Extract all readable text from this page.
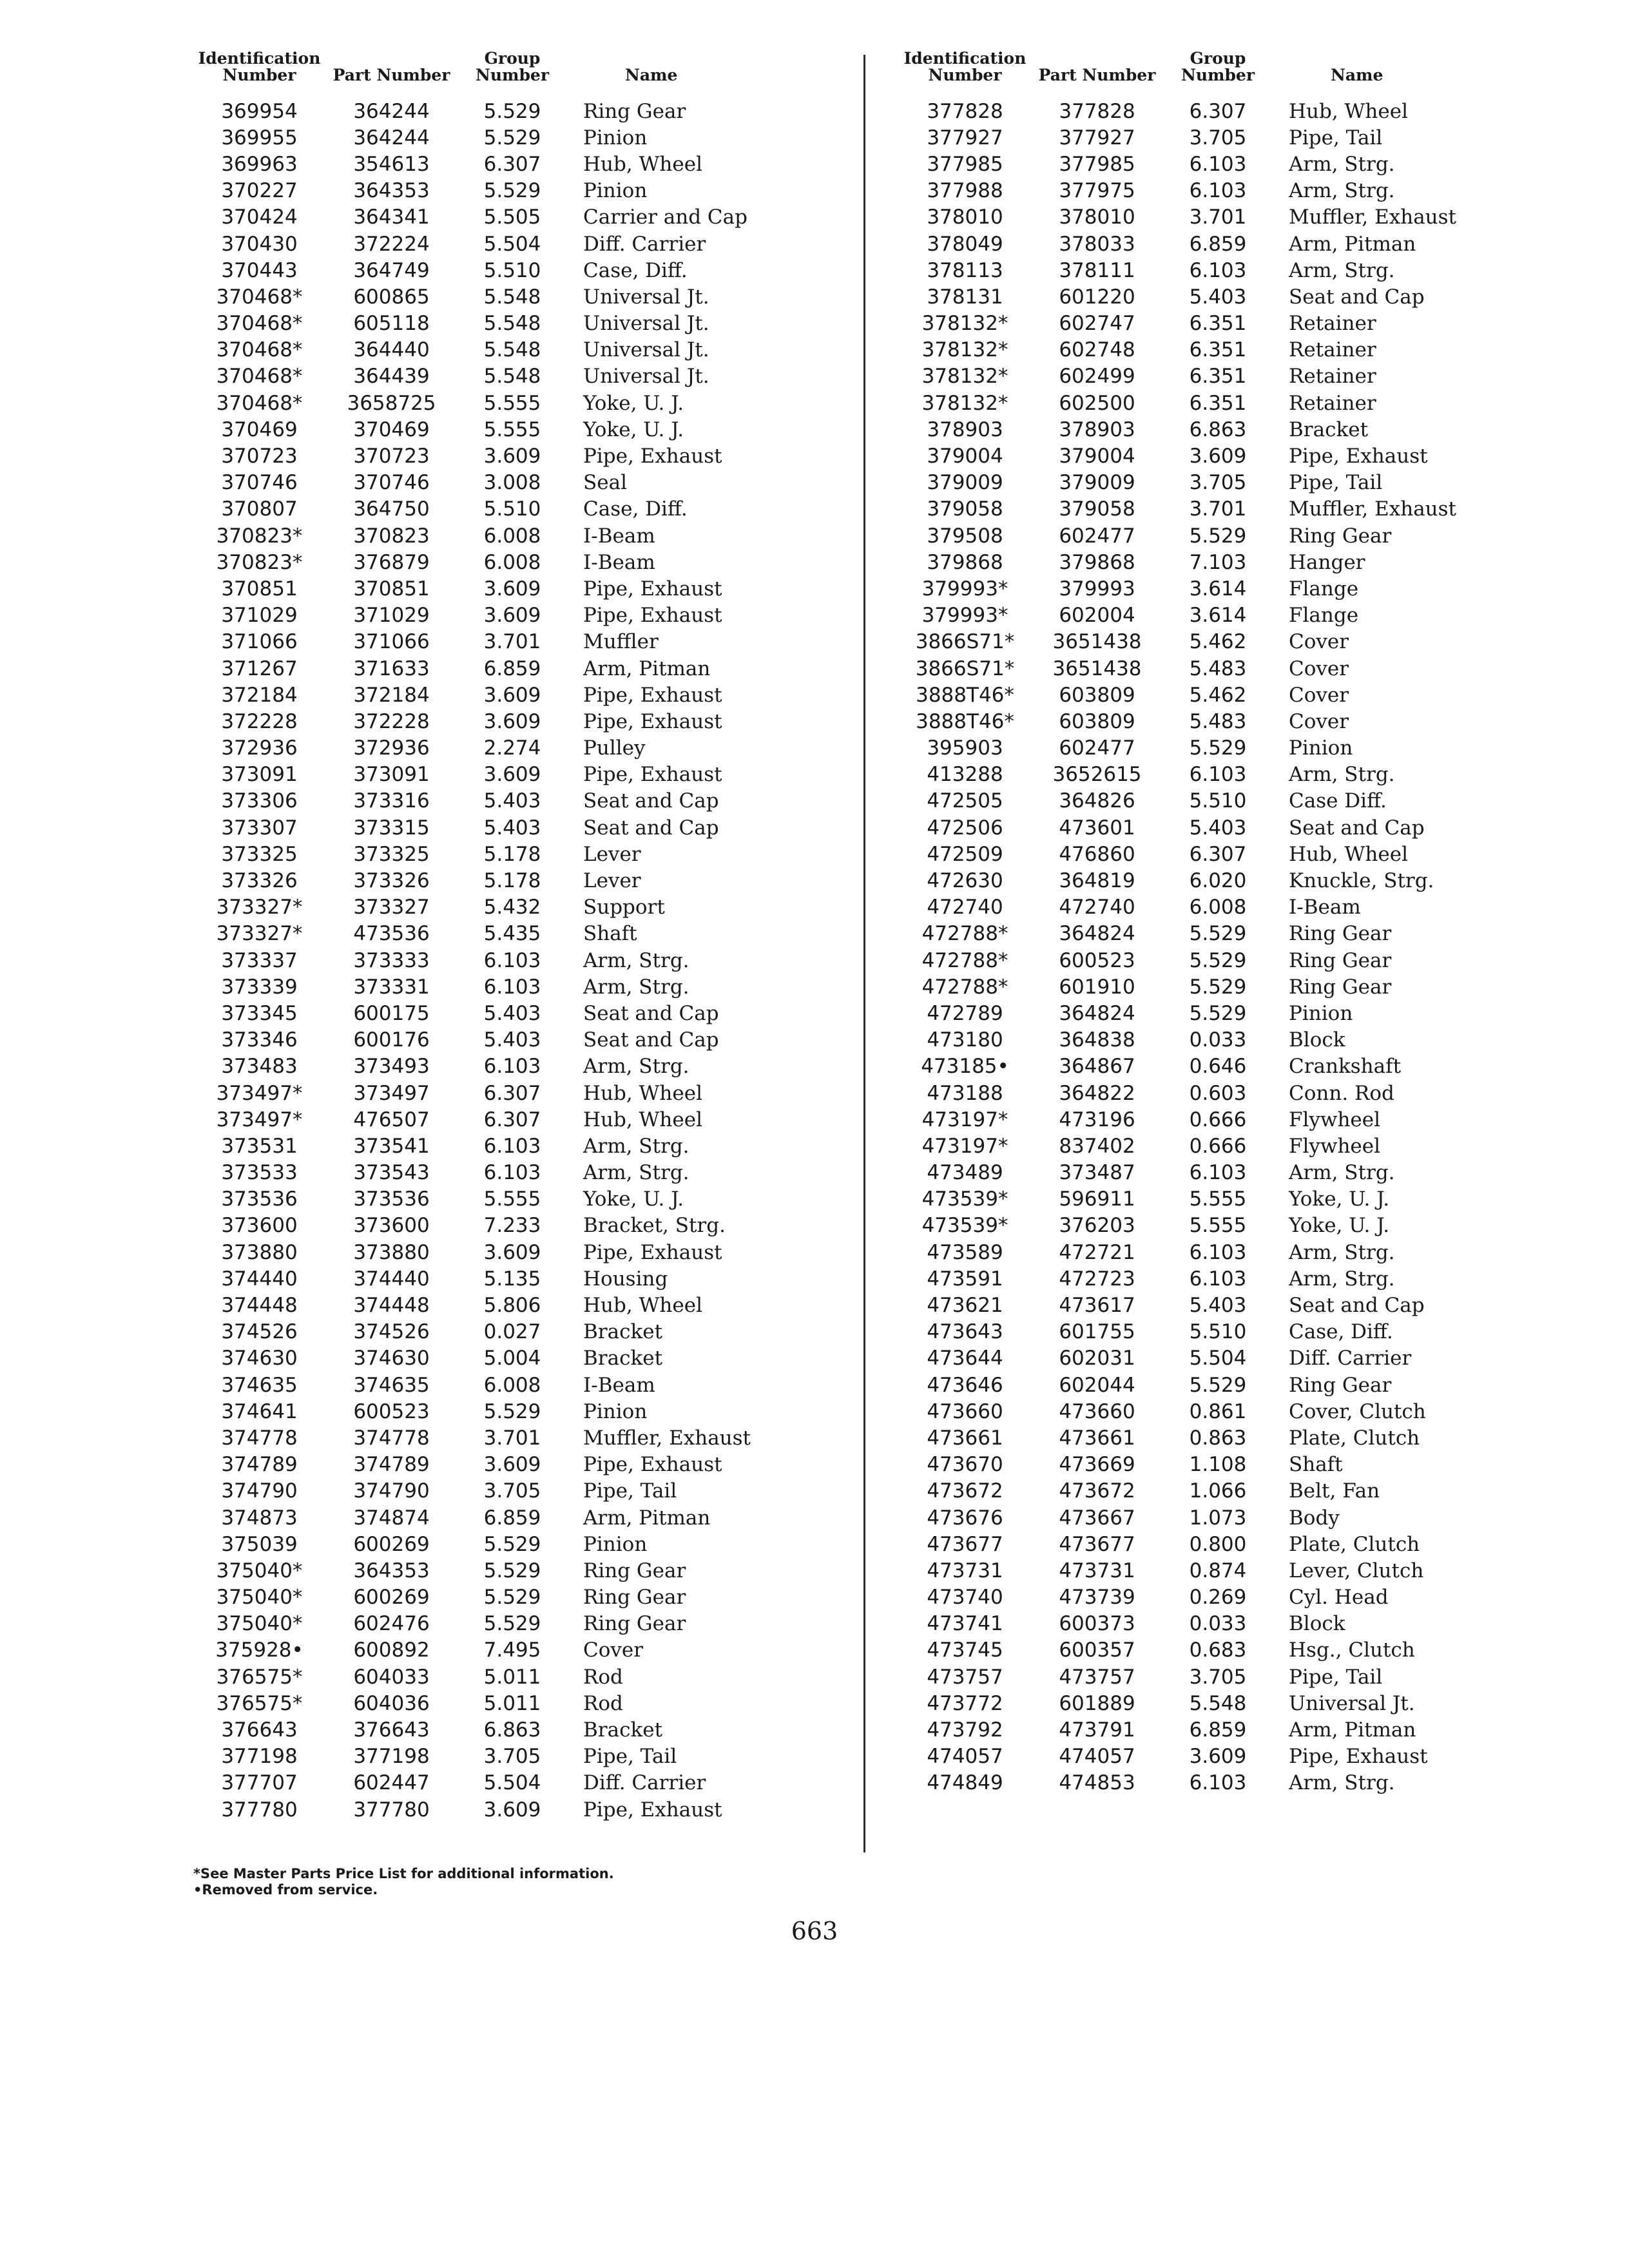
Identification Number	Part Number	Group Number	Name
369954	364244	5.529	Ring Gear
369955	364244	5.529	Pinion
369963	354613	6.307	Hub, Wheel
370227	364353	5.529	Pinion
370424	364341	5.505	Carrier and Cap
370430	372224	5.504	Diff. Carrier
370443	364749	5.510	Case, Diff.
370468*	600865	5.548	Universal Jt.
370468*	605118	5.548	Universal Jt.
370468*	364440	5.548	Universal Jt.
370468*	364439	5.548	Universal Jt.
370468*	3658725	5.555	Yoke, U. J.
370469	370469	5.555	Yoke, U. J.
370723	370723	3.609	Pipe, Exhaust
370746	370746	3.008	Seal
370807	364750	5.510	Case, Diff.
370823*	370823	6.008	I-Beam
370823*	376879	6.008	I-Beam
370851	370851	3.609	Pipe, Exhaust
371029	371029	3.609	Pipe, Exhaust
371066	371066	3.701	Muffler
371267	371633	6.859	Arm, Pitman
372184	372184	3.609	Pipe, Exhaust
372228	372228	3.609	Pipe, Exhaust
372936	372936	2.274	Pulley
373091	373091	3.609	Pipe, Exhaust
373306	373316	5.403	Seat and Cap
373307	373315	5.403	Seat and Cap
373325	373325	5.178	Lever
373326	373326	5.178	Lever
373327*	373327	5.432	Support
373327*	473536	5.435	Shaft
373337	373333	6.103	Arm, Strg.
373339	373331	6.103	Arm, Strg.
373345	600175	5.403	Seat and Cap
373346	600176	5.403	Seat and Cap
373483	373493	6.103	Arm, Strg.
373497*	373497	6.307	Hub, Wheel
373497*	476507	6.307	Hub, Wheel
373531	373541	6.103	Arm, Strg.
373533	373543	6.103	Arm, Strg.
373536	373536	5.555	Yoke, U. J.
373600	373600	7.233	Bracket, Strg.
373880	373880	3.609	Pipe, Exhaust
374440	374440	5.135	Housing
374448	374448	5.806	Hub, Wheel
374526	374526	0.027	Bracket
374630	374630	5.004	Bracket
374635	374635	6.008	I-Beam
374641	600523	5.529	Pinion
374778	374778	3.701	Muffler, Exhaust
374789	374789	3.609	Pipe, Exhaust
374790	374790	3.705	Pipe, Tail
374873	374874	6.859	Arm, Pitman
375039	600269	5.529	Pinion
375040*	364353	5.529	Ring Gear
375040*	600269	5.529	Ring Gear
375040*	602476	5.529	Ring Gear
375928•	600892	7.495	Cover
376575*	604033	5.011	Rod
376575*	604036	5.011	Rod
376643	376643	6.863	Bracket
377198	377198	3.705	Pipe, Tail
377707	602447	5.504	Diff. Carrier
377780	377780	3.609	Pipe, Exhaust
Identification Number	Part Number	Group Number	Name
377828	377828	6.307	Hub, Wheel
377927	377927	3.705	Pipe, Tail
377985	377985	6.103	Arm, Strg.
377988	377975	6.103	Arm, Strg.
378010	378010	3.701	Muffler, Exhaust
378049	378033	6.859	Arm, Pitman
378113	378111	6.103	Arm, Strg.
378131	601220	5.403	Seat and Cap
378132*	602747	6.351	Retainer
378132*	602748	6.351	Retainer
378132*	602499	6.351	Retainer
378132*	602500	6.351	Retainer
378903	378903	6.863	Bracket
379004	379004	3.609	Pipe, Exhaust
379009	379009	3.705	Pipe, Tail
379058	379058	3.701	Muffler, Exhaust
379508	602477	5.529	Ring Gear
379868	379868	7.103	Hanger
379993*	379993	3.614	Flange
379993*	602004	3.614	Flange
3866S71*	3651438	5.462	Cover
3866S71*	3651438	5.483	Cover
3888T46*	603809	5.462	Cover
3888T46*	603809	5.483	Cover
395903	602477	5.529	Pinion
413288	3652615	6.103	Arm, Strg.
472505	364826	5.510	Case Diff.
472506	473601	5.403	Seat and Cap
472509	476860	6.307	Hub, Wheel
472630	364819	6.020	Knuckle, Strg.
472740	472740	6.008	I-Beam
472788*	364824	5.529	Ring Gear
472788*	600523	5.529	Ring Gear
472788*	601910	5.529	Ring Gear
472789	364824	5.529	Pinion
473180	364838	0.033	Block
473185•	364867	0.646	Crankshaft
473188	364822	0.603	Conn. Rod
473197*	473196	0.666	Flywheel
473197*	837402	0.666	Flywheel
473489	373487	6.103	Arm, Strg.
473539*	596911	5.555	Yoke, U. J.
473539*	376203	5.555	Yoke, U. J.
473589	472721	6.103	Arm, Strg.
473591	472723	6.103	Arm, Strg.
473621	473617	5.403	Seat and Cap
473643	601755	5.510	Case, Diff.
473644	602031	5.504	Diff. Carrier
473646	602044	5.529	Ring Gear
473660	473660	0.861	Cover, Clutch
473661	473661	0.863	Plate, Clutch
473670	473669	1.108	Shaft
473672	473672	1.066	Belt, Fan
473676	473667	1.073	Body
473677	473677	0.800	Plate, Clutch
473731	473731	0.874	Lever, Clutch
473740	473739	0.269	Cyl. Head
473741	600373	0.033	Block
473745	600357	0.683	Hsg., Clutch
473757	473757	3.705	Pipe, Tail
473772	601889	5.548	Universal Jt.
473792	473791	6.859	Arm, Pitman
474057	474057	3.609	Pipe, Exhaust
474849	474853	6.103	Arm, Strg.
*See Master Parts Price List for additional information.
•Removed from service.
663
